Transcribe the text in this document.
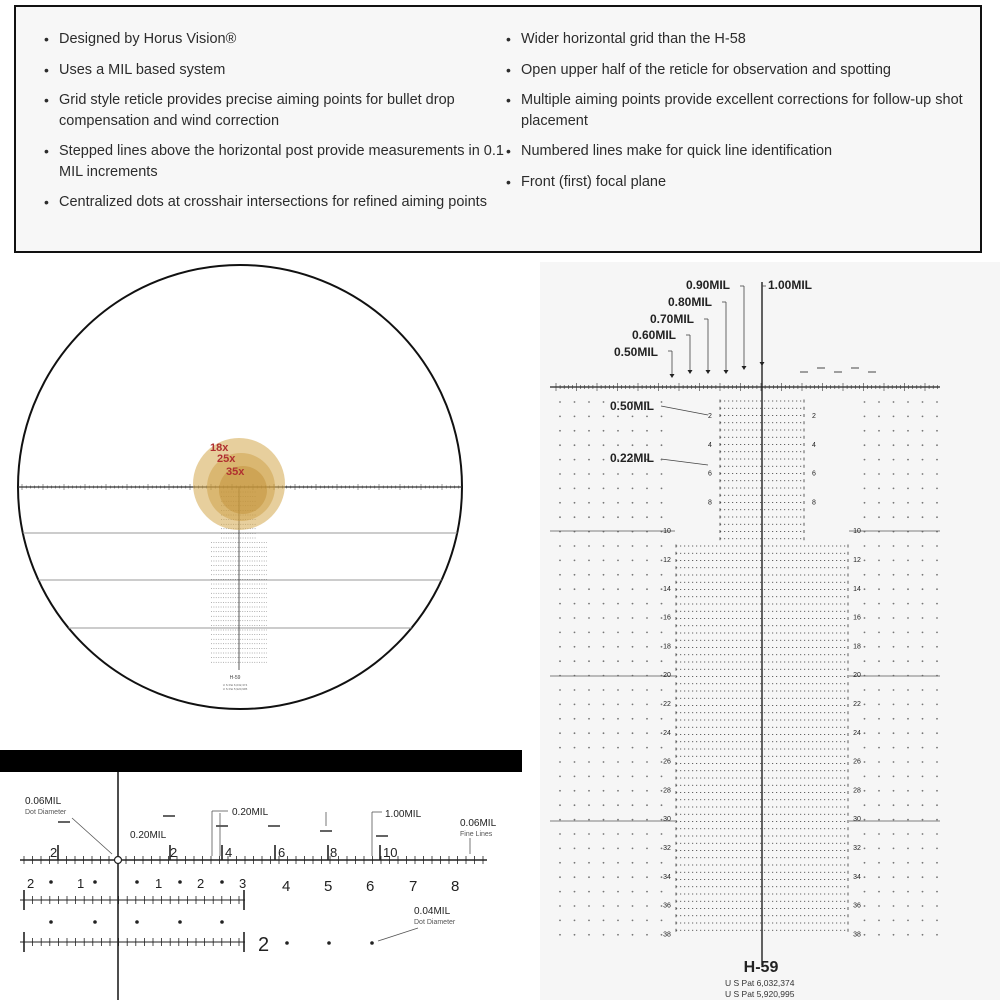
• Designed by Horus Vision®
• Uses a MIL based system
• Grid style reticle provides precise aiming points for bullet drop compensation and wind correction
• Stepped lines above the horizontal post provide measurements in 0.1 MIL increments
• Centralized dots at crosshair intersections for refined aiming points
• Wider horizontal grid than the H-58
• Open upper half of the reticle for observation and spotting
• Multiple aiming points provide excellent corrections for follow-up shot placement
• Numbered lines make for quick line identification
• Front (first) focal plane
18x
25x
35x
H-59
U S Pat 6,032,374
U S Pat 5,920,995
0.06MIL
Dot Diameter
0.20MIL
0.20MIL	1.00MIL
0.06MIL
Fine Lines
0.04MIL
Dot Diameter
2	2	4	6	8	10
2	1	1	2	3 4 5 6 7 8
2
2	2
4	4
6	6
8	8
10	10
12	12
14	14
16	16
18	18
20	20
22	22
24	24
26	26
28	28
30	30
32	32
34	34
36	36
38	38
0.90MIL
0.80MIL
0.70MIL
0.60MIL
0.50MIL
1.00MIL
0.50MIL
0.22MIL
H-59
U S Pat 6,032,374
U S Pat 5,920,995
